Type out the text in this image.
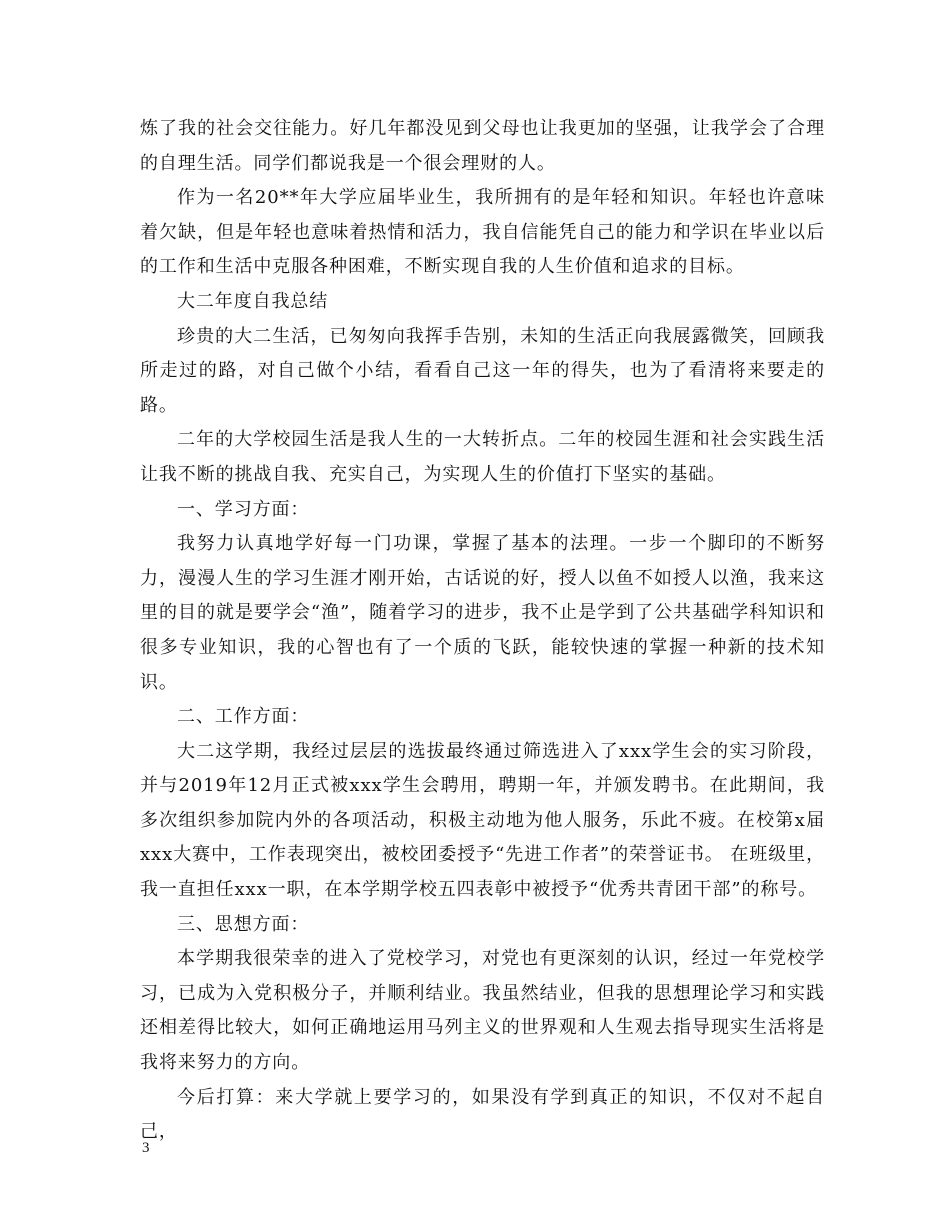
炼了我的社会交往能力。好几年都没见到父母也让我更加的坚强，让我学会了合理的自理生活。同学们都说我是一个很会理财的人。

作为一名20**年大学应届毕业生，我所拥有的是年轻和知识。年轻也许意味着欠缺，但是年轻也意味着热情和活力，我自信能凭自己的能力和学识在毕业以后的工作和生活中克服各种困难，不断实现自我的人生价值和追求的目标。

大二年度自我总结

珍贵的大二生活，已匆匆向我挥手告别，未知的生活正向我展露微笑，回顾我所走过的路，对自己做个小结，看看自己这一年的得失，也为了看清将来要走的路。

二年的大学校园生活是我人生的一大转折点。二年的校园生涯和社会实践生活让我不断的挑战自我、充实自己，为实现人生的价值打下坚实的基础。

一、学习方面：

我努力认真地学好每一门功课，掌握了基本的法理。一步一个脚印的不断努力，漫漫人生的学习生涯才刚开始，古话说的好，授人以鱼不如授人以渔，我来这里的目的就是要学会“渔”，随着学习的进步，我不止是学到了公共基础学科知识和很多专业知识，我的心智也有了一个质的飞跃，能较快速的掌握一种新的技术知识。

二、工作方面：

大二这学期，我经过层层的选拔最终通过筛选进入了xxx学生会的实习阶段，并与2019年12月正式被xxx学生会聘用，聘期一年，并颁发聘书。在此期间，我多次组织参加院内外的各项活动，积极主动地为他人服务，乐此不疲。在校第x届xxx大赛中，工作表现突出，被校团委授予“先进工作者”的荣誉证书。 在班级里，我一直担任xxx一职，在本学期学校五四表彰中被授予“优秀共青团干部”的称号。

三、思想方面：

本学期我很荣幸的进入了党校学习，对党也有更深刻的认识，经过一年党校学习，已成为入党积极分子，并顺利结业。我虽然结业，但我的思想理论学习和实践还相差得比较大，如何正确地运用马列主义的世界观和人生观去指导现实生活将是我将来努力的方向。

今后打算：来大学就上要学习的，如果没有学到真正的知识，不仅对不起自己，

3
